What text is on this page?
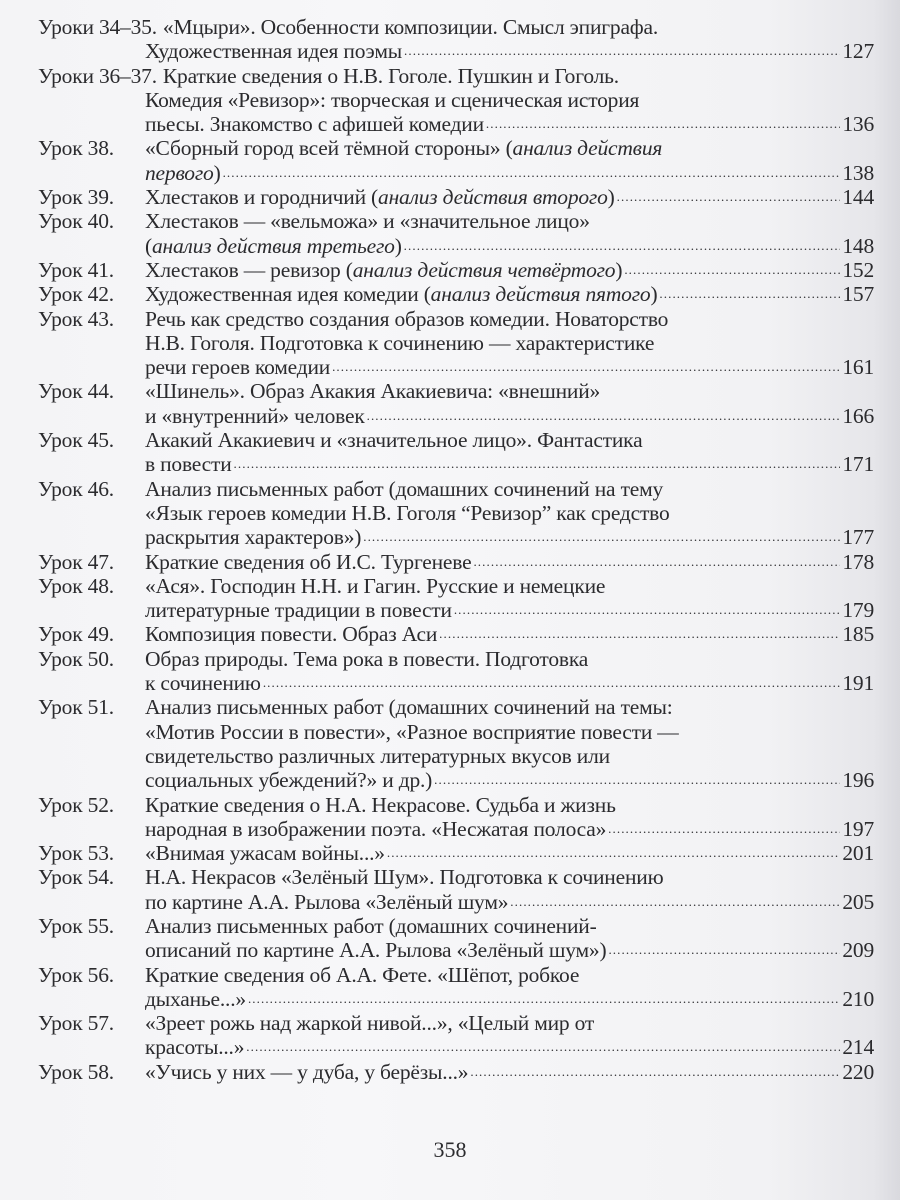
Уроки 34–35. «Мцыри». Особенности композиции. Смысл эпиграфа.
Художественная идея поэмы .....	127
Уроки 36–37. Краткие сведения о Н.В. Гоголе. Пушкин и Гоголь.
Комедия «Ревизор»: творческая и сценическая история
пьесы. Знакомство с афишей комедии .....	136
Урок 38.	«Сборный город всей тёмной стороны» (анализ действия
первого) .....	138
Урок 39.	Хлестаков и городничий (анализ действия второго) .....	144
Урок 40.	Хлестаков — «вельможа» и «значительное лицо»
(анализ действия третьего) .....	148
Урок 41.	Хлестаков — ревизор (анализ действия четвёртого) .....	152
Урок 42.	Художественная идея комедии (анализ действия пятого) .....	157
Урок 43.	Речь как средство создания образов комедии. Новаторство
Н.В. Гоголя. Подготовка к сочинению — характеристике
речи героев комедии .....	161
Урок 44.	«Шинель». Образ Акакия Акакиевича: «внешний»
и «внутренний» человек .....	166
Урок 45.	Акакий Акакиевич и «значительное лицо». Фантастика
в повести .....	171
Урок 46.	Анализ письменных работ (домашних сочинений на тему
«Язык героев комедии Н.В. Гоголя “Ревизор” как средство
раскрытия характеров») .....	177
Урок 47.	Краткие сведения об И.С. Тургеневе .....	178
Урок 48.	«Ася». Господин Н.Н. и Гагин. Русские и немецкие
литературные традиции в повести .....	179
Урок 49.	Композиция повести. Образ Аси .....	185
Урок 50.	Образ природы. Тема рока в повести. Подготовка
к сочинению .....	191
Урок 51.	Анализ письменных работ (домашних сочинений на темы:
«Мотив России в повести», «Разное восприятие повести —
свидетельство различных литературных вкусов или
социальных убеждений?» и др.) .....	196
Урок 52.	Краткие сведения о Н.А. Некрасове. Судьба и жизнь
народная в изображении поэта. «Несжатая полоса» .....	197
Урок 53.	«Внимая ужасам войны...» .....	201
Урок 54.	Н.А. Некрасов «Зелёный Шум». Подготовка к сочинению
по картине А.А. Рылова «Зелёный шум» .....	205
Урок 55.	Анализ письменных работ (домашних сочинений-
описаний по картине А.А. Рылова «Зелёный шум») .....	209
Урок 56.	Краткие сведения об А.А. Фете. «Шёпот, робкое
дыханье...» .....	210
Урок 57.	«Зреет рожь над жаркой нивой...», «Целый мир от
красоты...» .....	214
Урок 58.	«Учись у них — у дуба, у берёзы...» .....	220
358
